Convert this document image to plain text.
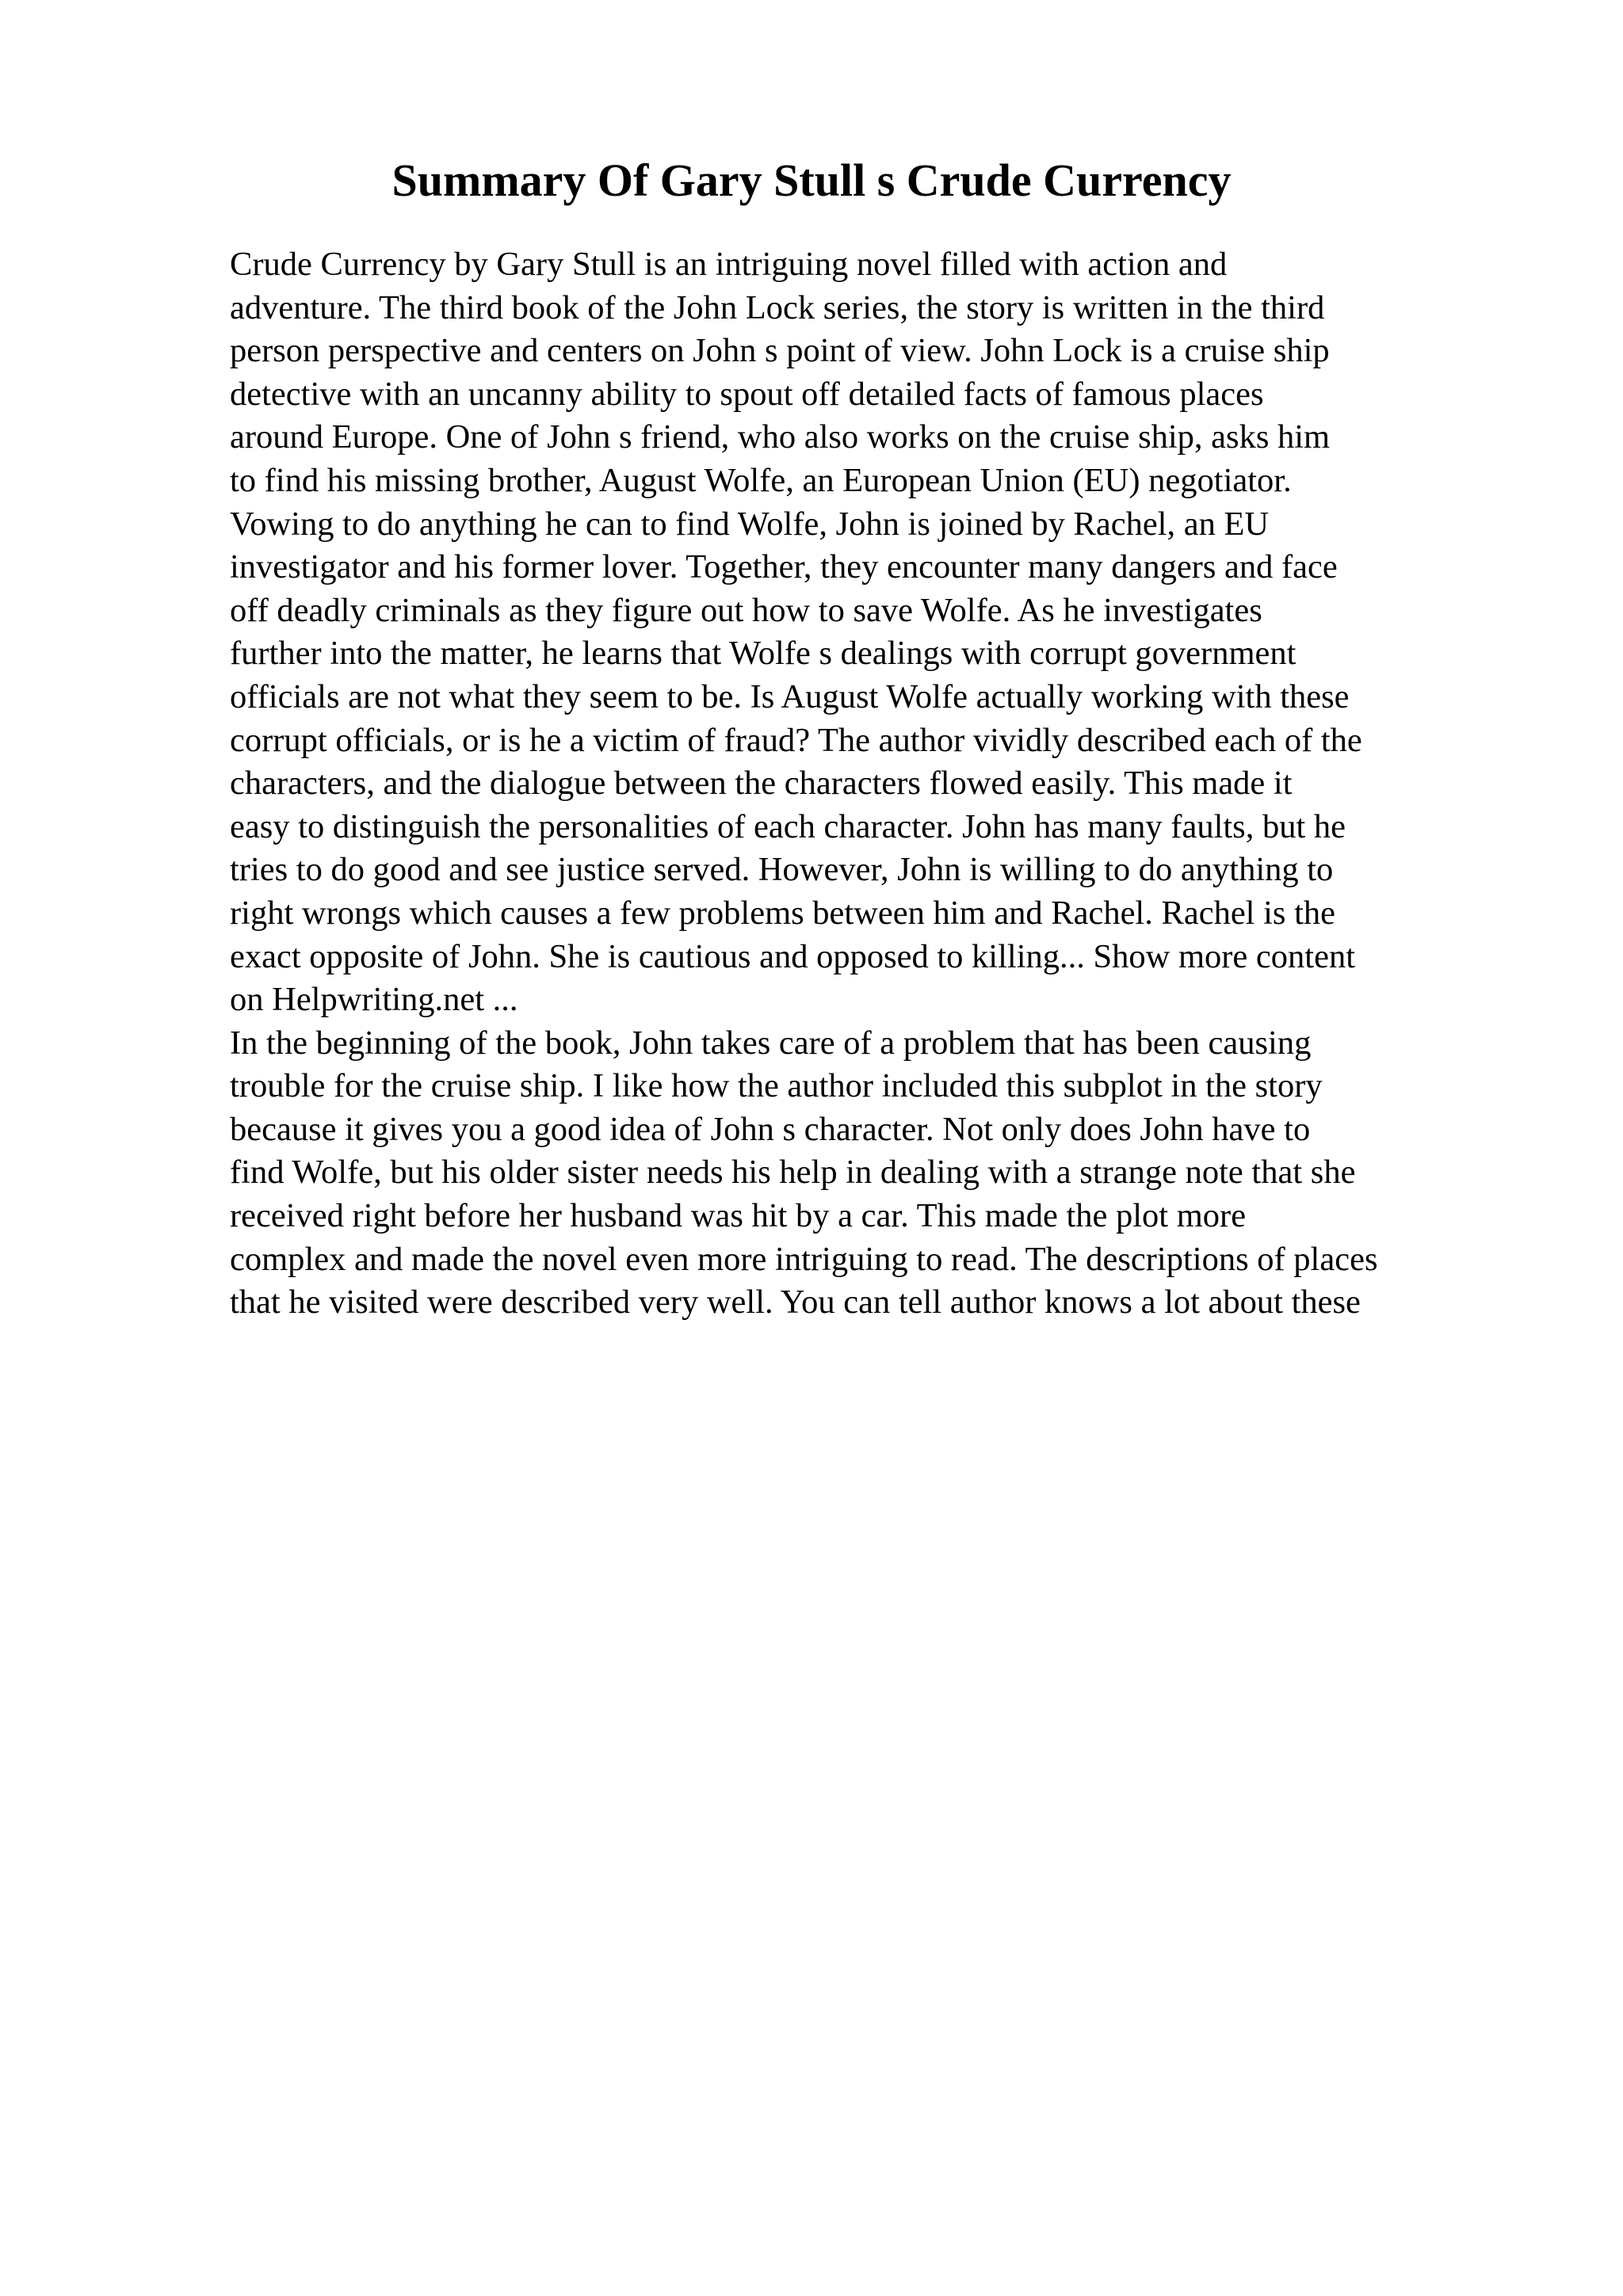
Summary Of Gary Stull s Crude Currency
Crude Currency by Gary Stull is an intriguing novel filled with action and
adventure. The third book of the John Lock series, the story is written in the third
person perspective and centers on John s point of view. John Lock is a cruise ship
detective with an uncanny ability to spout off detailed facts of famous places
around Europe. One of John s friend, who also works on the cruise ship, asks him
to find his missing brother, August Wolfe, an European Union (EU) negotiator.
Vowing to do anything he can to find Wolfe, John is joined by Rachel, an EU
investigator and his former lover. Together, they encounter many dangers and face
off deadly criminals as they figure out how to save Wolfe. As he investigates
further into the matter, he learns that Wolfe s dealings with corrupt government
officials are not what they seem to be. Is August Wolfe actually working with these
corrupt officials, or is he a victim of fraud? The author vividly described each of the
characters, and the dialogue between the characters flowed easily. This made it
easy to distinguish the personalities of each character. John has many faults, but he
tries to do good and see justice served. However, John is willing to do anything to
right wrongs which causes a few problems between him and Rachel. Rachel is the
exact opposite of John. She is cautious and opposed to killing... Show more content
on Helpwriting.net ...
In the beginning of the book, John takes care of a problem that has been causing
trouble for the cruise ship. I like how the author included this subplot in the story
because it gives you a good idea of John s character. Not only does John have to
find Wolfe, but his older sister needs his help in dealing with a strange note that she
received right before her husband was hit by a car. This made the plot more
complex and made the novel even more intriguing to read. The descriptions of places
that he visited were described very well. You can tell author knows a lot about these
